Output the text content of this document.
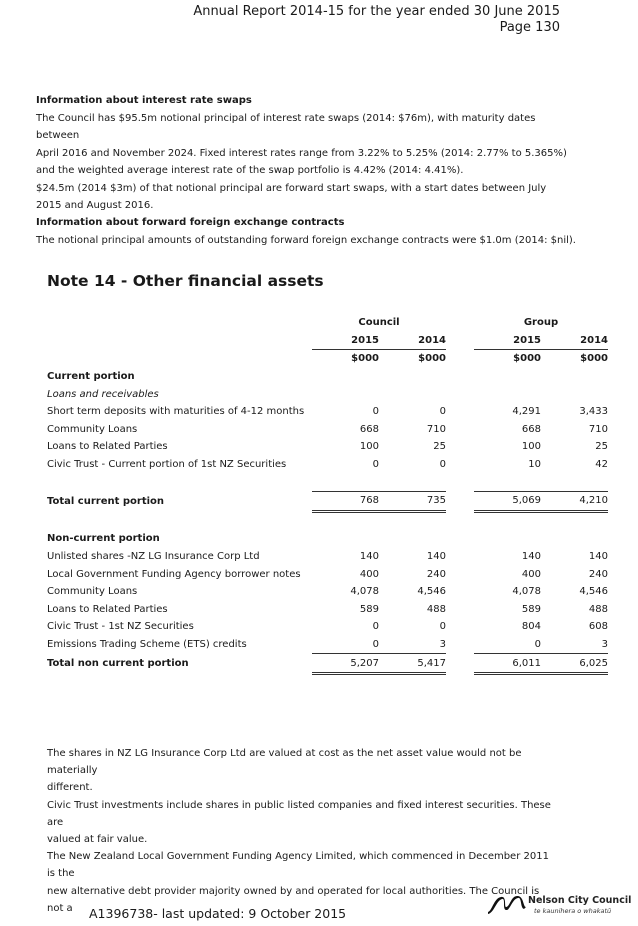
Annual Report 2014-15 for the year ended 30 June 2015
Page 130
Information about interest rate swaps
The Council has $95.5m notional principal of interest rate swaps (2014: $76m), with maturity dates between
April 2016 and November 2024. Fixed interest rates range from 3.22% to 5.25% (2014: 2.77% to 5.365%)
and the weighted average interest rate of the swap portfolio is 4.42% (2014: 4.41%).
$24.5m (2014 $3m) of that notional principal are forward start swaps, with a start dates between July
2015 and August 2016.
Information about forward foreign exchange contracts
The notional principal amounts of outstanding forward foreign exchange contracts were $1.0m (2014: $nil).
Note 14 - Other financial assets
	Council			Group	
	2015	2014		2015	2014
	$000	$000		$000	$000
Current portion					
Loans and receivables					
Short term deposits with maturities of 4-12 months	0	0		4,291	3,433
Community Loans	668	710		668	710
Loans to Related Parties	100	25		100	25
Civic Trust - Current portion of 1st NZ Securities	0	0		10	42

Total current portion	768	735		5,069	4,210

Non-current portion					
Unlisted shares -NZ LG Insurance Corp Ltd	140	140		140	140
Local Government Funding Agency borrower notes	400	240		400	240
Community Loans	4,078	4,546		4,078	4,546
Loans to Related Parties	589	488		589	488
Civic Trust - 1st NZ Securities	0	0		804	608
Emissions Trading Scheme (ETS) credits	0	3		0	3
Total non current portion	5,207	5,417		6,011	6,025
The shares in NZ LG Insurance Corp Ltd are valued at cost as the net asset value would not be materially
different.
Civic Trust investments include shares in public listed companies and fixed interest securities. These are
valued at fair value.
The New Zealand Local Government Funding Agency Limited, which commenced in December 2011 is the
new alternative debt provider majority owned by and operated for local authorities. The Council is not a	A1396738- last updated: 9 October 2015
Nelson City Council
te kaunihera o whakatū
